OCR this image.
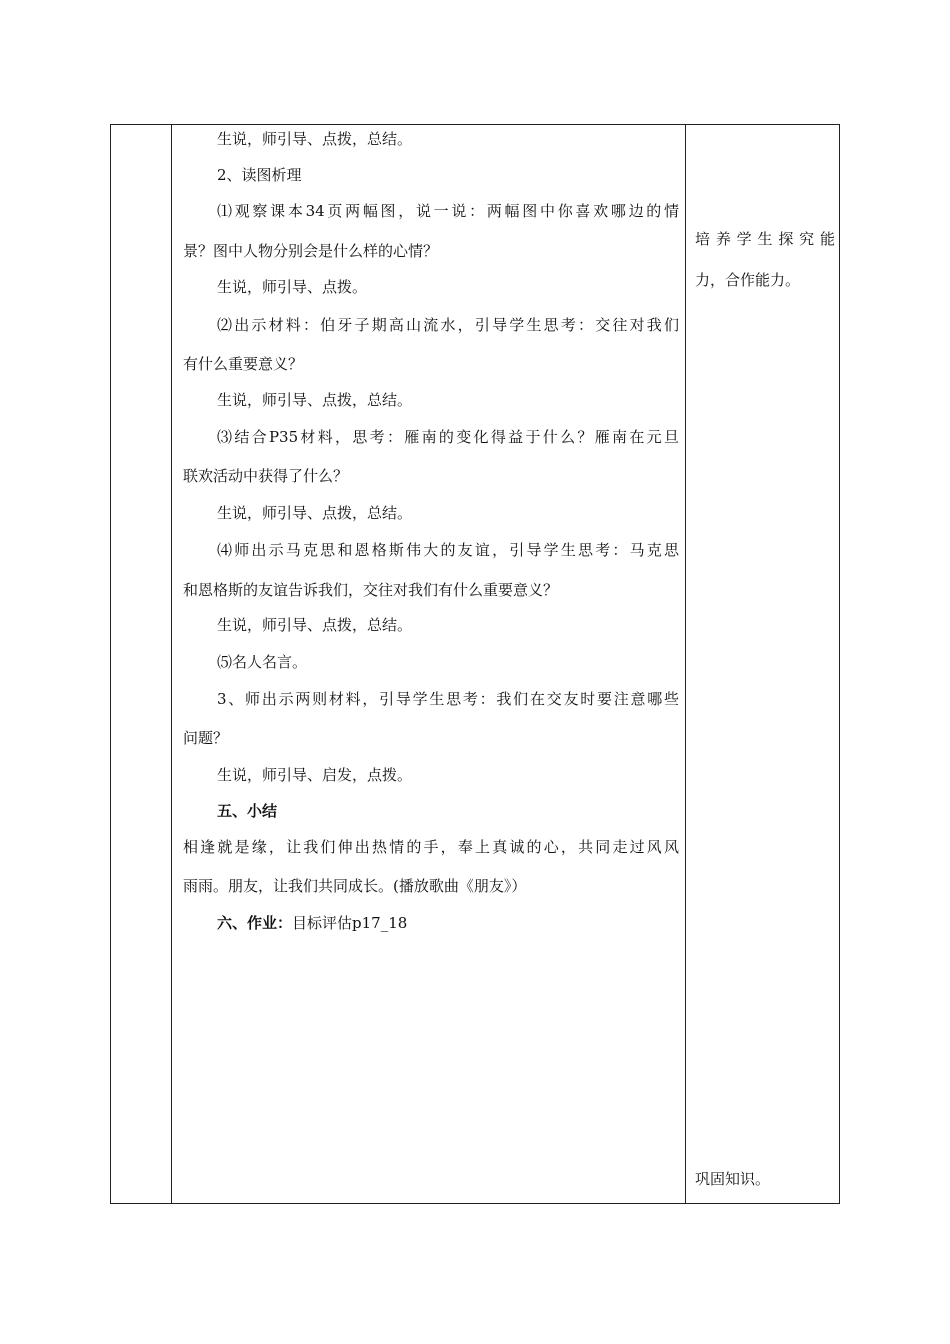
生说，师引导、点拨，总结。
2、读图析理
⑴观察课本34页两幅图，说一说：两幅图中你喜欢哪边的情
景？图中人物分别会是什么样的心情？
生说，师引导、点拨。
⑵出示材料：伯牙子期高山流水，引导学生思考：交往对我们
有什么重要意义？
生说，师引导、点拨，总结。
⑶结合P35材料，思考：雁南的变化得益于什么？雁南在元旦
联欢活动中获得了什么？
生说，师引导、点拨，总结。
⑷师出示马克思和恩格斯伟大的友谊，引导学生思考：马克思
和恩格斯的友谊告诉我们，交往对我们有什么重要意义？
生说，师引导、点拨，总结。
⑸名人名言。
3、师出示两则材料，引导学生思考：我们在交友时要注意哪些
问题？
生说，师引导、启发，点拨。
五、小结
相逢就是缘，让我们伸出热情的手，奉上真诚的心，共同走过风风
雨雨。朋友，让我们共同成长。(播放歌曲《朋友》）
六、作业：目标评估p17_18
培养学生探究能
力，合作能力。
巩固知识。
